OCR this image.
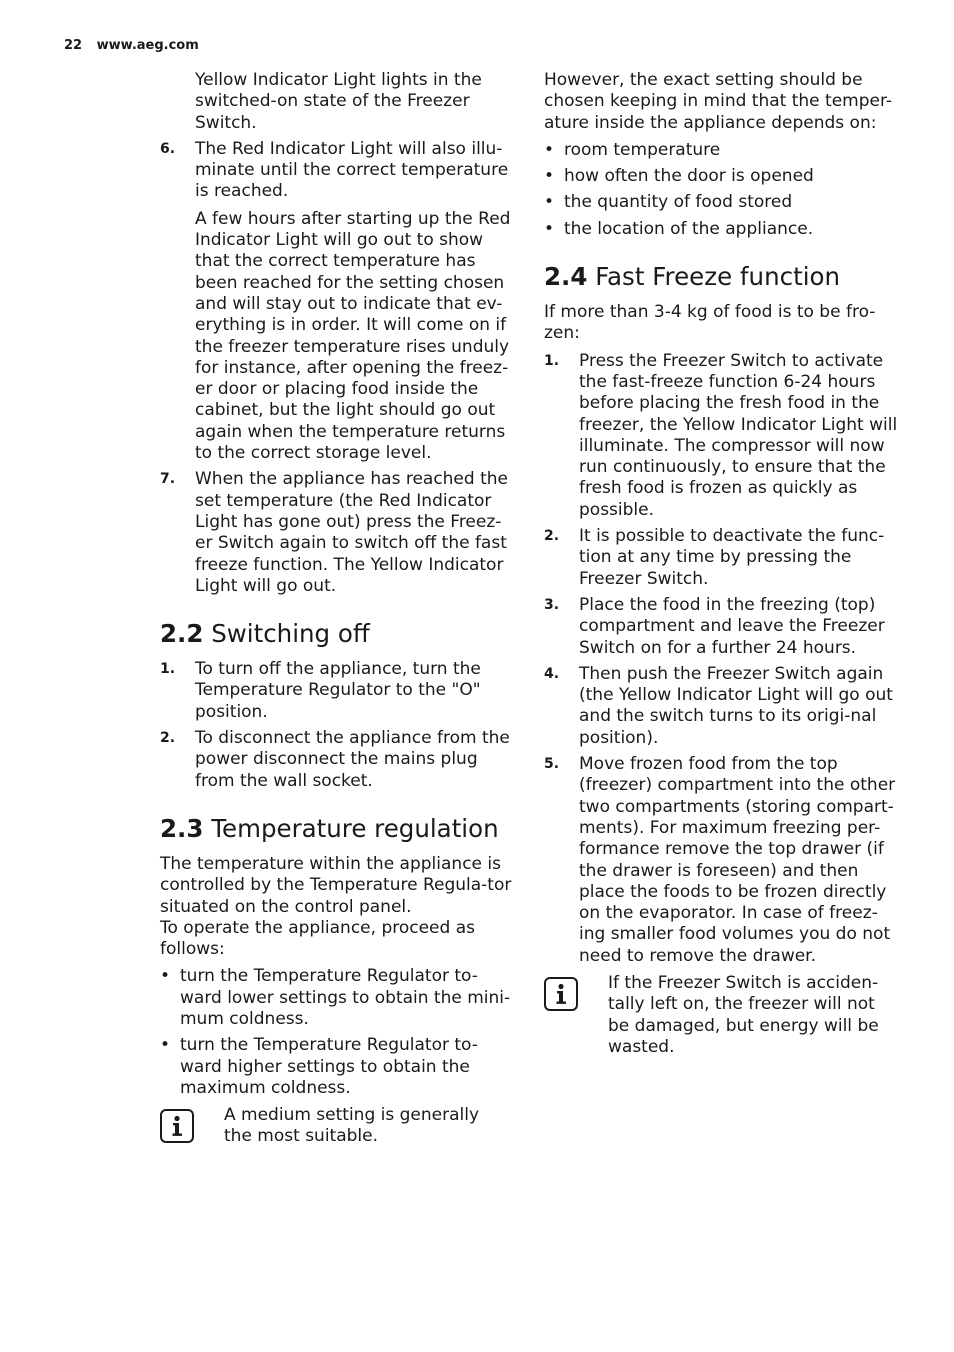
22 www.aeg.com
Yellow Indicator Light lights in the switched-on state of the Freezer Switch.
6. The Red Indicator Light will also illu-minate until the correct temperature is reached.

A few hours after starting up the Red Indicator Light will go out to show that the correct temperature has been reached for the setting chosen and will stay out to indicate that ev-erything is in order. It will come on if the freezer temperature rises unduly for instance, after opening the freez-er door or placing food inside the cabinet, but the light should go out again when the temperature returns to the correct storage level.

7. When the appliance has reached the set temperature (the Red Indicator Light has gone out) press the Freez-er Switch again to switch off the fast freeze function. The Yellow Indicator Light will go out.

2.2 Switching off
1. To turn off the appliance, turn the Temperature Regulator to the "O" position.
2. To disconnect the appliance from the power disconnect the mains plug from the wall socket.
2.3 Temperature regulation

The temperature within the appliance is controlled by the Temperature Regula-tor situated on the control panel.

To operate the appliance, proceed as follows:

• turn the Temperature Regulator to-ward lower settings to obtain the mini-mum coldness.
• turn the Temperature Regulator to-ward higher settings to obtain the maximum coldness.
A medium setting is generally the most suitable.

However, the exact setting should be chosen keeping in mind that the temper-ature inside the appliance depends on:

• room temperature
• how often the door is opened
• the quantity of food stored
• the location of the appliance.
2.4 Fast Freeze function

If more than 3-4 kg of food is to be fro-zen:

1. Press the Freezer Switch to activate the fast-freeze function 6-24 hours before placing the fresh food in the freezer, the Yellow Indicator Light will illuminate. The compressor will now run continuously, to ensure that the fresh food is frozen as quickly as possible.
2. It is possible to deactivate the func-tion at any time by pressing the Freezer Switch.
3. Place the food in the freezing (top) compartment and leave the Freezer Switch on for a further 24 hours.
4. Then push the Freezer Switch again (the Yellow Indicator Light will go out and the switch turns to its origi-nal position).
5. Move frozen food from the top (freezer) compartment into the other two compartments (storing compart-ments). For maximum freezing per-formance remove the top drawer (if the drawer is foreseen) and then place the foods to be frozen directly on the evaporator. In case of freez-ing smaller food volumes you do not need to remove the drawer.
If the Freezer Switch is acciden-tally left on, the freezer will not be damaged, but energy will be wasted.
